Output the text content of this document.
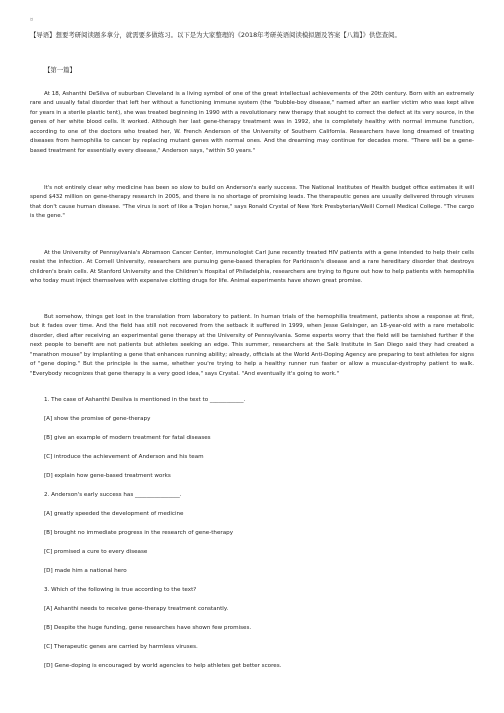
¤
【导语】想要考研阅读题多拿分，就需要多做练习。以下是为大家整理的《2018年考研英语阅读模拟题及答案【八篇】》供您查阅。
【第一篇】

At 18, Ashanthi DeSilva of suburban Cleveland is a living symbol of one of the great intellectual achievements of the 20th century. Born with an extremely rare and usually fatal disorder that left her without a functioning immune system (the "bubble-boy disease," named after an earlier victim who was kept alive for years in a sterile plastic tent), she was treated beginning in 1990 with a revolutionary new therapy that sought to correct the defect at its very source, in the genes of her white blood cells. It worked. Although her last gene-therapy treatment was in 1992, she is completely healthy with normal immune function, according to one of the doctors who treated her, W. French Anderson of the University of Southern California. Researchers have long dreamed of treating diseases from hemophilia to cancer by replacing mutant genes with normal ones. And the dreaming may continue for decades more. "There will be a gene-based treatment for essentially every disease," Anderson says, "within 50 years."

It's not entirely clear why medicine has been so slow to build on Anderson's early success. The National Institutes of Health budget office estimates it will spend $432 million on gene-therapy research in 2005, and there is no shortage of promising leads. The therapeutic genes are usually delivered through viruses that don't cause human disease. "The virus is sort of like a Trojan horse," says Ronald Crystal of New York Presbyterian/Weill Cornell Medical College. "The cargo is the gene."

At the University of Pennsylvania's Abramson Cancer Center, immunologist Carl June recently treated HIV patients with a gene intended to help their cells resist the infection. At Cornell University, researchers are pursuing gene-based therapies for Parkinson's disease and a rare hereditary disorder that destroys children's brain cells. At Stanford University and the Children's Hospital of Philadelphia, researchers are trying to figure out how to help patients with hemophilia who today must inject themselves with expensive clotting drugs for life. Animal experiments have shown great promise.

But somehow, things get lost in the translation from laboratory to patient. In human trials of the hemophilia treatment, patients show a response at first, but it fades over time. And the field has still not recovered from the setback it suffered in 1999, when Jesse Gelsinger, an 18-year-old with a rare metabolic disorder, died after receiving an experimental gene therapy at the University of Pennsylvania. Some experts worry that the field will be tarnished further if the next people to benefit are not patients but athletes seeking an edge. This summer, researchers at the Salk Institute in San Diego said they had created a "marathon mouse" by implanting a gene that enhances running ability; already, officials at the World Anti-Doping Agency are preparing to test athletes for signs of "gene doping." But the principle is the same, whether you're trying to help a healthy runner run faster or allow a muscular-dystrophy patient to walk. "Everybody recognizes that gene therapy is a very good idea," says Crystal. "And eventually it's going to work."

1. The case of Ashanthi Desilva is mentioned in the text to ____________.
[A] show the promise of gene-therapy
[B] give an example of modern treatment for fatal diseases
[C] introduce the achievement of Anderson and his team
[D] explain how gene-based treatment works
2. Anderson's early success has ________________.
[A] greatly speeded the development of medicine
[B] brought no immediate progress in the research of gene-therapy
[C] promised a cure to every disease
[D] made him a national hero
3. Which of the following is true according to the text?
[A] Ashanthi needs to receive gene-therapy treatment constantly.
[B] Despite the huge funding, gene researches have shown few promises.
[C] Therapeutic genes are carried by harmless viruses.
[D] Gene-doping is encouraged by world agencies to help athletes get better scores.
